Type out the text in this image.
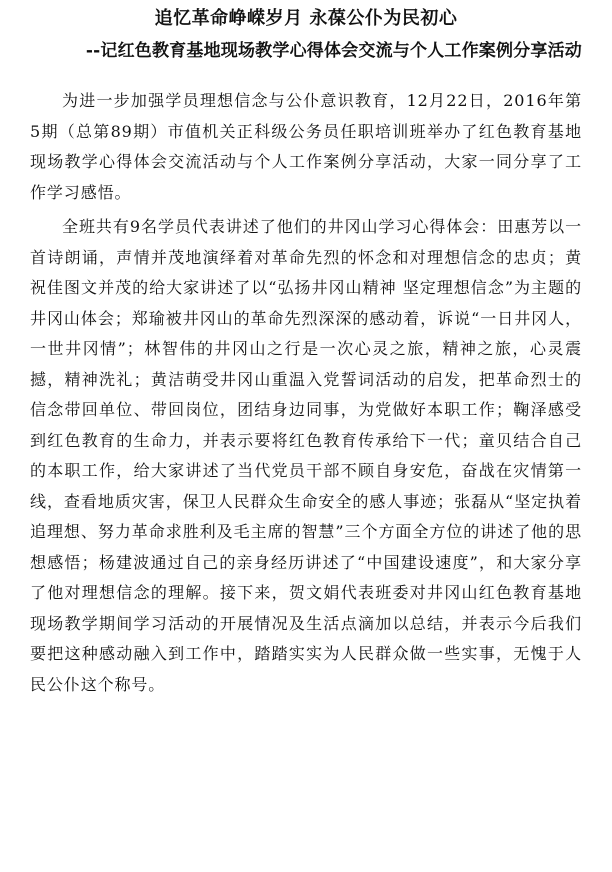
追忆革命峥嵘岁月 永葆公仆为民初心
--记红色教育基地现场教学心得体会交流与个人工作案例分享活动

为进一步加强学员理想信念与公仆意识教育，12月22日，2016年第5期（总第89期）市值机关正科级公务员任职培训班举办了红色教育基地现场教学心得体会交流活动与个人工作案例分享活动，大家一同分享了工作学习感悟。

全班共有9名学员代表讲述了他们的井冈山学习心得体会：田惠芳以一首诗朗诵，声情并茂地演绎着对革命先烈的怀念和对理想信念的忠贞；黄祝佳图文并茂的给大家讲述了以“弘扬井冈山精神 坚定理想信念”为主题的井冈山体会；郑瑜被井冈山的革命先烈深深的感动着，诉说“一日井冈人，一世井冈情”；林智伟的井冈山之行是一次心灵之旅，精神之旅，心灵震撼，精神洗礼；黄洁萌受井冈山重温入党誓词活动的启发，把革命烈士的信念带回单位、带回岗位，团结身边同事，为党做好本职工作；鞠泽感受到红色教育的生命力，并表示要将红色教育传承给下一代；童贝结合自己的本职工作，给大家讲述了当代党员干部不顾自身安危，奋战在灾情第一线，查看地质灾害，保卫人民群众生命安全的感人事迹；张磊从“坚定执着追理想、努力革命求胜利及毛主席的智慧”三个方面全方位的讲述了他的思想感悟；杨建波通过自己的亲身经历讲述了“中国建设速度”，和大家分享了他对理想信念的理解。接下来，贺文娟代表班委对井冈山红色教育基地现场教学期间学习活动的开展情况及生活点滴加以总结，并表示今后我们要把这种感动融入到工作中，踏踏实实为人民群众做一些实事，无愧于人民公仆这个称号。
